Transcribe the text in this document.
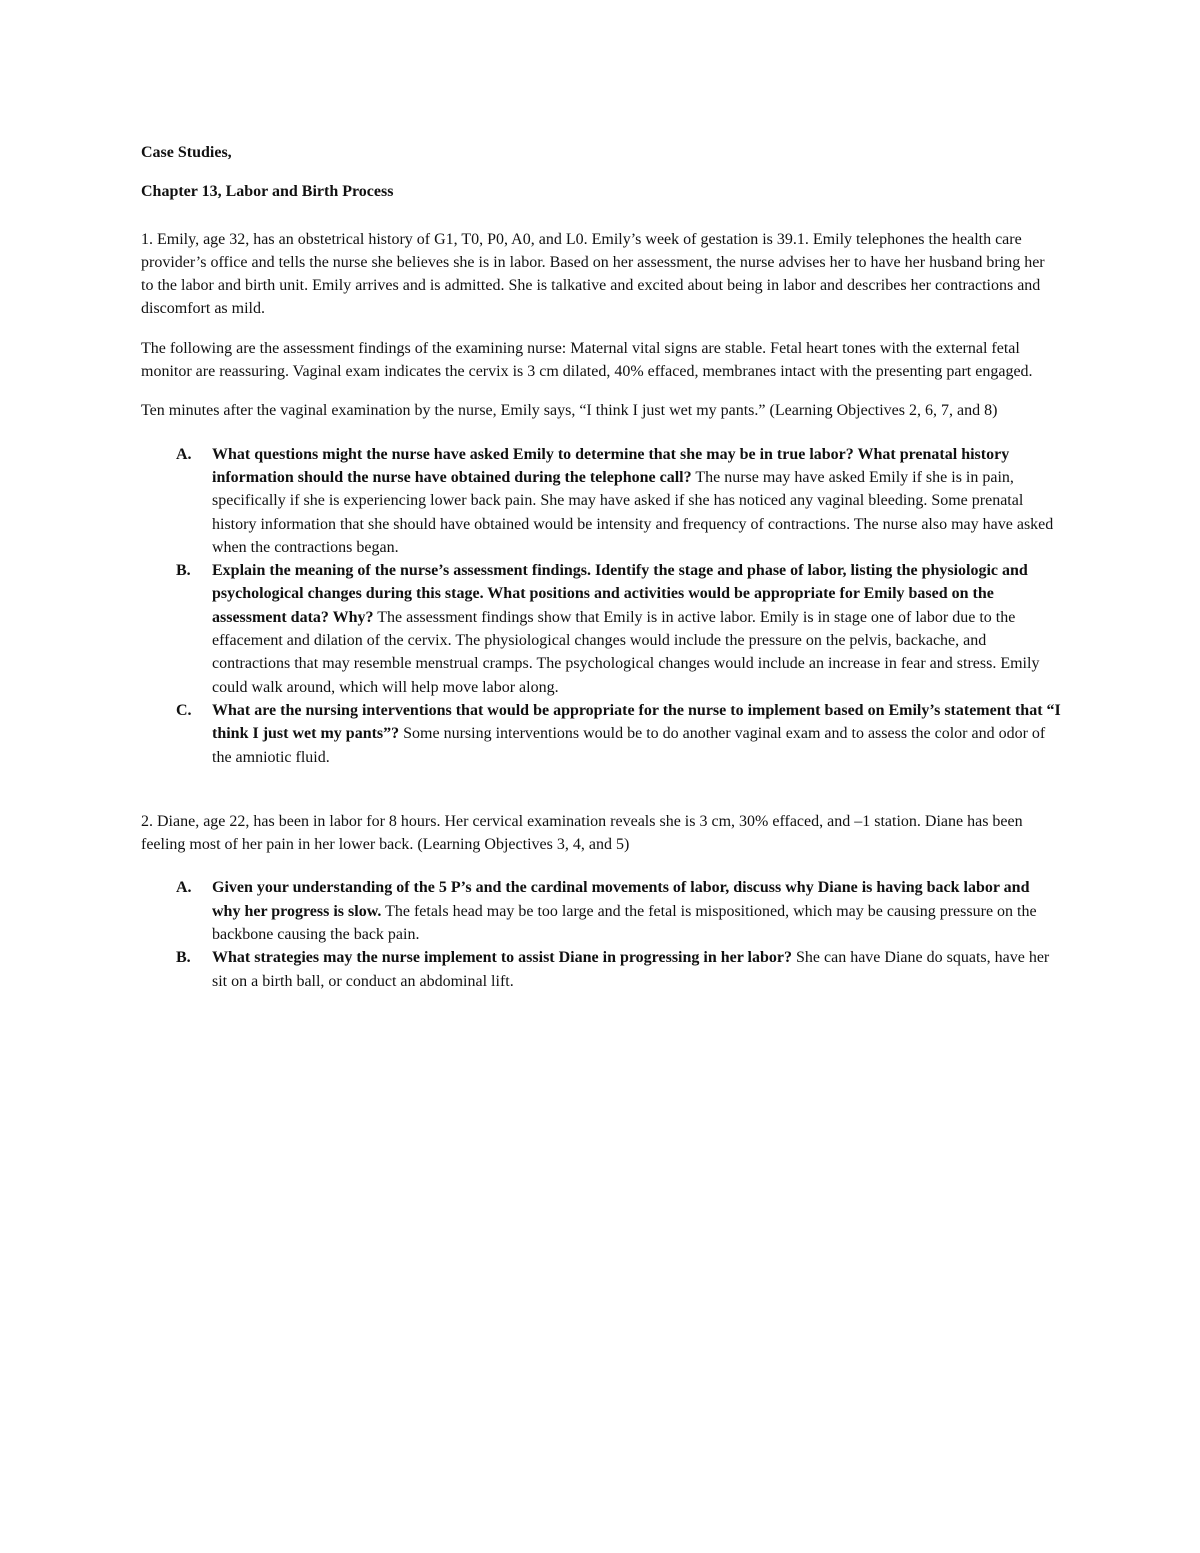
Case Studies,

Chapter 13, Labor and Birth Process

1. Emily, age 32, has an obstetrical history of G1, T0, P0, A0, and L0. Emily’s week of gestation is 39.1. Emily telephones the health care provider’s office and tells the nurse she believes she is in labor. Based on her assessment, the nurse advises her to have her husband bring her to the labor and birth unit. Emily arrives and is admitted. She is talkative and excited about being in labor and describes her contractions and discomfort as mild.

The following are the assessment findings of the examining nurse: Maternal vital signs are stable. Fetal heart tones with the external fetal monitor are reassuring. Vaginal exam indicates the cervix is 3 cm dilated, 40% effaced, membranes intact with the presenting part engaged.

Ten minutes after the vaginal examination by the nurse, Emily says, “I think I just wet my pants.” (Learning Objectives 2, 6, 7, and 8)

A. What questions might the nurse have asked Emily to determine that she may be in true labor? What prenatal history information should the nurse have obtained during the telephone call? The nurse may have asked Emily if she is in pain, specifically if she is experiencing lower back pain. She may have asked if she has noticed any vaginal bleeding. Some prenatal history information that she should have obtained would be intensity and frequency of contractions. The nurse also may have asked when the contractions began.
B. Explain the meaning of the nurse’s assessment findings. Identify the stage and phase of labor, listing the physiologic and psychological changes during this stage. What positions and activities would be appropriate for Emily based on the assessment data? Why? The assessment findings show that Emily is in active labor. Emily is in stage one of labor due to the effacement and dilation of the cervix. The physiological changes would include the pressure on the pelvis, backache, and contractions that may resemble menstrual cramps. The psychological changes would include an increase in fear and stress. Emily could walk around, which will help move labor along.
C. What are the nursing interventions that would be appropriate for the nurse to implement based on Emily’s statement that “I think I just wet my pants”? Some nursing interventions would be to do another vaginal exam and to assess the color and odor of the amniotic fluid.

2. Diane, age 22, has been in labor for 8 hours. Her cervical examination reveals she is 3 cm, 30% effaced, and –1 station. Diane has been feeling most of her pain in her lower back. (Learning Objectives 3, 4, and 5)

A. Given your understanding of the 5 P’s and the cardinal movements of labor, discuss why Diane is having back labor and why her progress is slow. The fetals head may be too large and the fetal is mispositioned, which may be causing pressure on the backbone causing the back pain.
B. What strategies may the nurse implement to assist Diane in progressing in her labor? She can have Diane do squats, have her sit on a birth ball, or conduct an abdominal lift.
